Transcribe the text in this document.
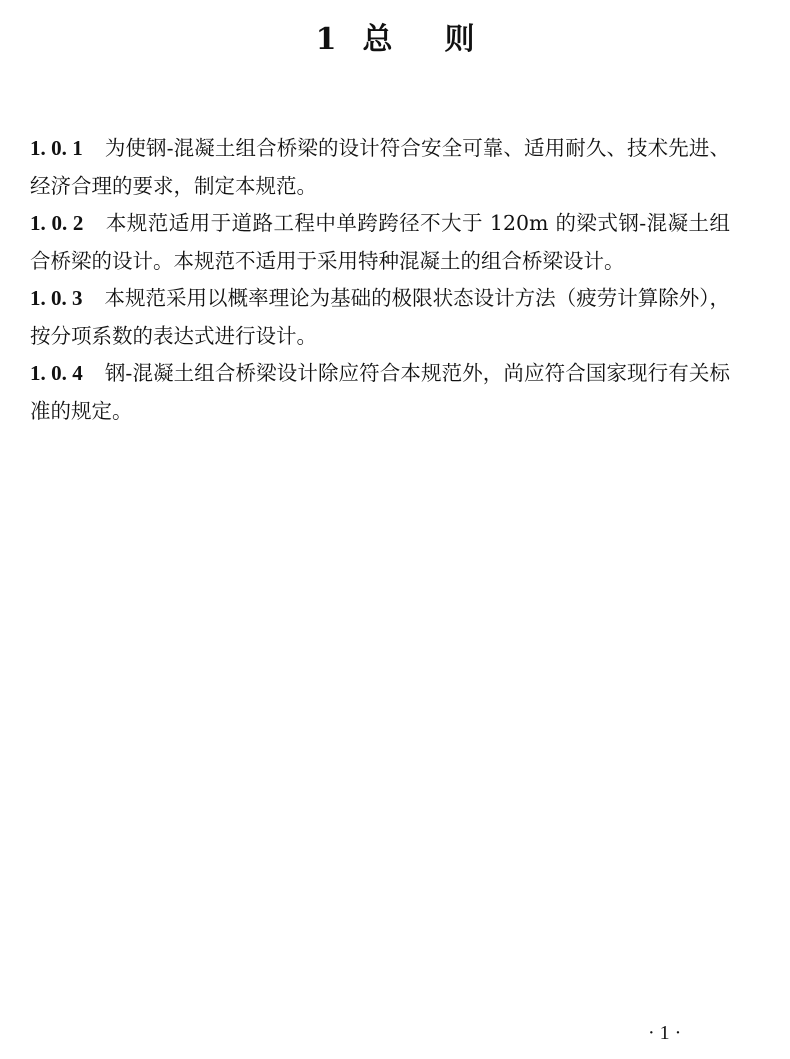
1 总 则

1. 0. 1 为使钢-混凝土组合桥梁的设计符合安全可靠、适用耐久、技术先进、经济合理的要求，制定本规范。

1. 0. 2 本规范适用于道路工程中单跨跨径不大于 120m 的梁式钢-混凝土组合桥梁的设计。本规范不适用于采用特种混凝土的组合桥梁设计。

1. 0. 3 本规范采用以概率理论为基础的极限状态设计方法（疲劳计算除外），按分项系数的表达式进行设计。

1. 0. 4 钢-混凝土组合桥梁设计除应符合本规范外，尚应符合国家现行有关标准的规定。

· 1 ·
